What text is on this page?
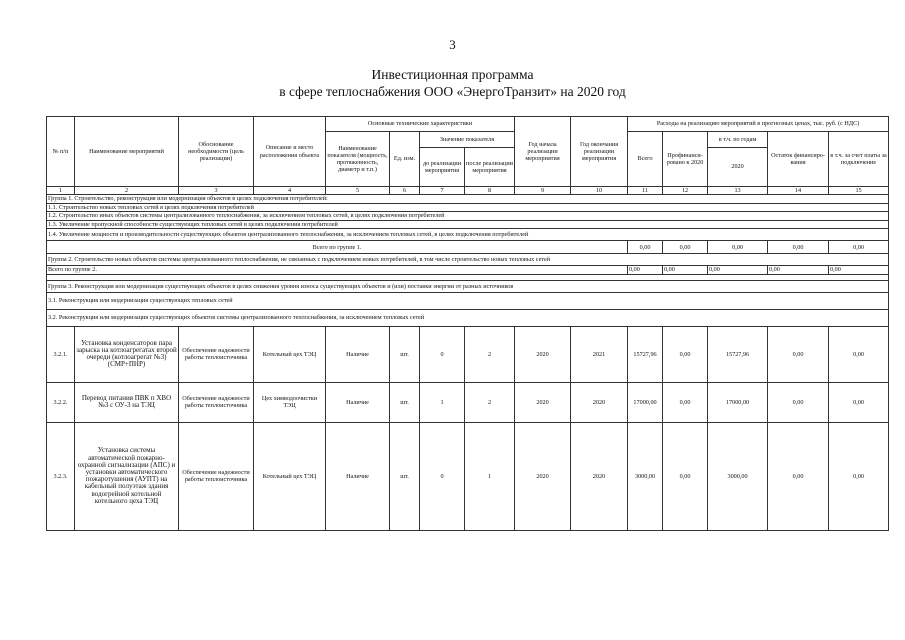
3
Инвестиционная программа
в сфере теплоснабжения ООО «ЭнергоТранзит» на 2020 год
№ п/п	Наименование мероприятий	Обоснование необходимости (цель реализации)	Описание и место расположения объекта	Основные технические характеристики				Год начала реализации мероприятия	Год окончания реализации мероприятия	Расходы на реализацию мероприятий в прогнозных ценах, тыс. руб. (с НДС)				
				Наименование показателя (мощность, протяженность, диаметр и т.п.)	Ед. изм.	Значение показателя				Всего	Профинанси-ровано к 2020	в т.ч. по годам	Остаток финансиро-вания	в т.ч. за счет платы за подключение
						до реализации мероприятия	после реализации мероприятия					2020		
1	2	3	4	5	6	7	8	9	10	11	12	13	14	15
Группа 1. Строительство, реконструкция или модернизация объектов в целях подключения потребителей:														
1.1. Строительство новых тепловых сетей в целях подключения потребителей														
1.2. Строительство иных объектов системы централизованного теплоснабжения, за исключением тепловых сетей, в целях подключения потребителей														
1.3. Увеличение пропускной способности существующих тепловых сетей в целях подключения потребителей														
1.4. Увеличение мощности и производительности существующих объектов централизованного теплоснабжения, за исключением тепловых сетей, в целях подключения потребителей														
Всего по группе 1.										0,00	0,00	0,00	0,00	0,00
Группа 2. Строительство новых объектов системы централизованного теплоснабжения, не связанных с подключением новых потребителей, в том числе строительство новых тепловых сетей														
Всего по группе 2.										0,00	0,00	0,00	0,00	0,00

Группа 3. Реконструкция или модернизация существующих объектов в целях снижения уровня износа существующих объектов и (или) поставки энергии от разных источников														
3.1. Реконструкция или модернизация существующих тепловых сетей														
3.2. Реконструкция или модернизация существующих объектов системы централизованного теплоснабжения, за исключением тепловых сетей														
3.2.1.	Установка конденсаторов пара зарыска на котлоагрегатах второй очереди (котлоагрегат №3) (СМР+ПНР)	Обеспечение надежности работы теплоисточника	Котельный цех ТЭЦ	Наличие	шт.	0	2	2020	2021	15727,96	0,00	15727,96	0,00	0,00
3.2.2.	Перевод питания ПВК п ХВО №3 с ОУ-3 на ТЭЦ	Обеспечение надежности работы теплоисточника	Цех химводоочистки ТЭЦ	Наличие	шт.	1	2	2020	2020	17000,00	0,00	17000,00	0,00	0,00
3.2.3.	Установка системы автоматической пожарно-охранной сигнализации (АПС) и установки автоматического пожаротушения (АУПТ) на кабельный полуэтаж здания водогрейной котельной котельного цеха ТЭЦ	Обеспечение надежности работы теплоисточника	Котельный цех ТЭЦ	Наличие	шт.	0	1	2020	2020	3000,00	0,00	3000,00	0,00	0,00
